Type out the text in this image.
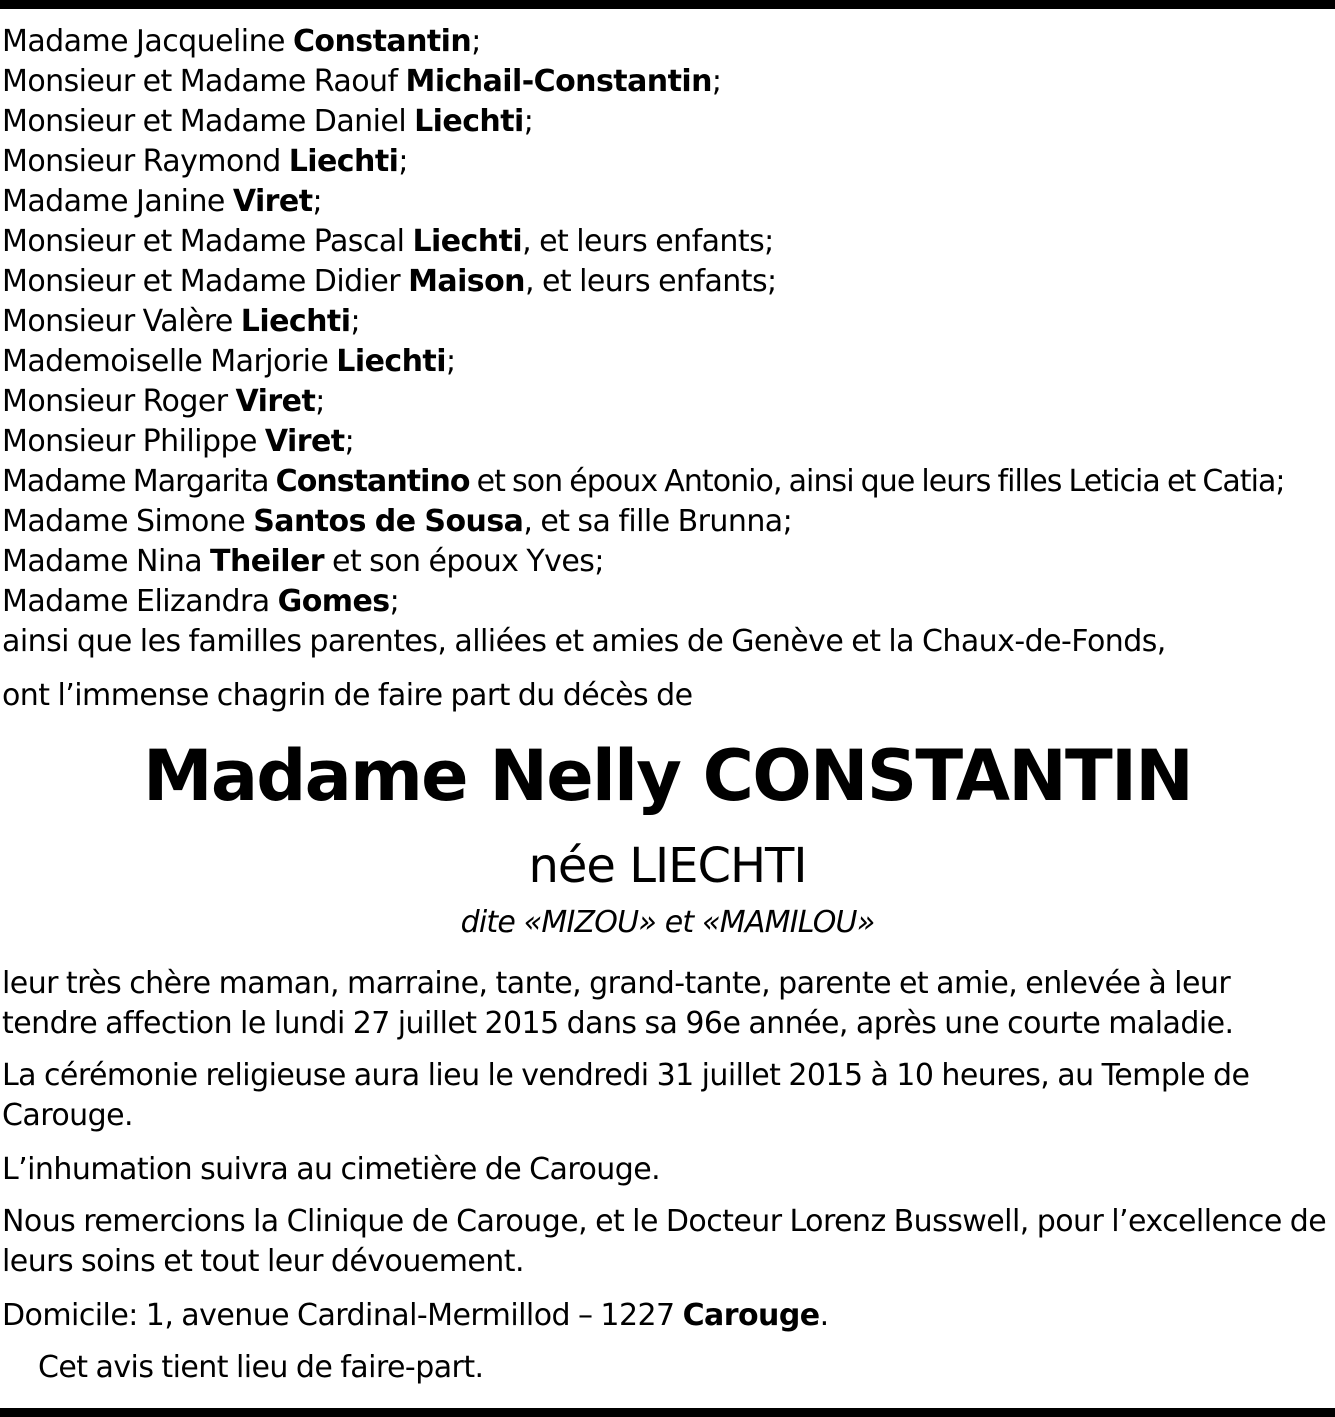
Madame Jacqueline Constantin;
Monsieur et Madame Raouf Michail-Constantin;
Monsieur et Madame Daniel Liechti;
Monsieur Raymond Liechti;
Madame Janine Viret;
Monsieur et Madame Pascal Liechti, et leurs enfants;
Monsieur et Madame Didier Maison, et leurs enfants;
Monsieur Valère Liechti;
Mademoiselle Marjorie Liechti;
Monsieur Roger Viret;
Monsieur Philippe Viret;
Madame Margarita Constantino et son époux Antonio, ainsi que leurs filles Leticia et Catia;
Madame Simone Santos de Sousa, et sa fille Brunna;
Madame Nina Theiler et son époux Yves;
Madame Elizandra Gomes;
ainsi que les familles parentes, alliées et amies de Genève et la Chaux-de-Fonds,

ont l’immense chagrin de faire part du décès de

Madame Nelly CONSTANTIN

née LIECHTI

dite «MIZOU» et «MAMILOU»

leur très chère maman, marraine, tante, grand-tante, parente et amie, enlevée à leur tendre affection le lundi 27 juillet 2015 dans sa 96e année, après une courte maladie.

La cérémonie religieuse aura lieu le vendredi 31 juillet 2015 à 10 heures, au Temple de Carouge.

L’inhumation suivra au cimetière de Carouge.

Nous remercions la Clinique de Carouge, et le Docteur Lorenz Busswell, pour l’excellence de leurs soins et tout leur dévouement.

Domicile: 1, avenue Cardinal-Mermillod – 1227 Carouge.

Cet avis tient lieu de faire-part.
